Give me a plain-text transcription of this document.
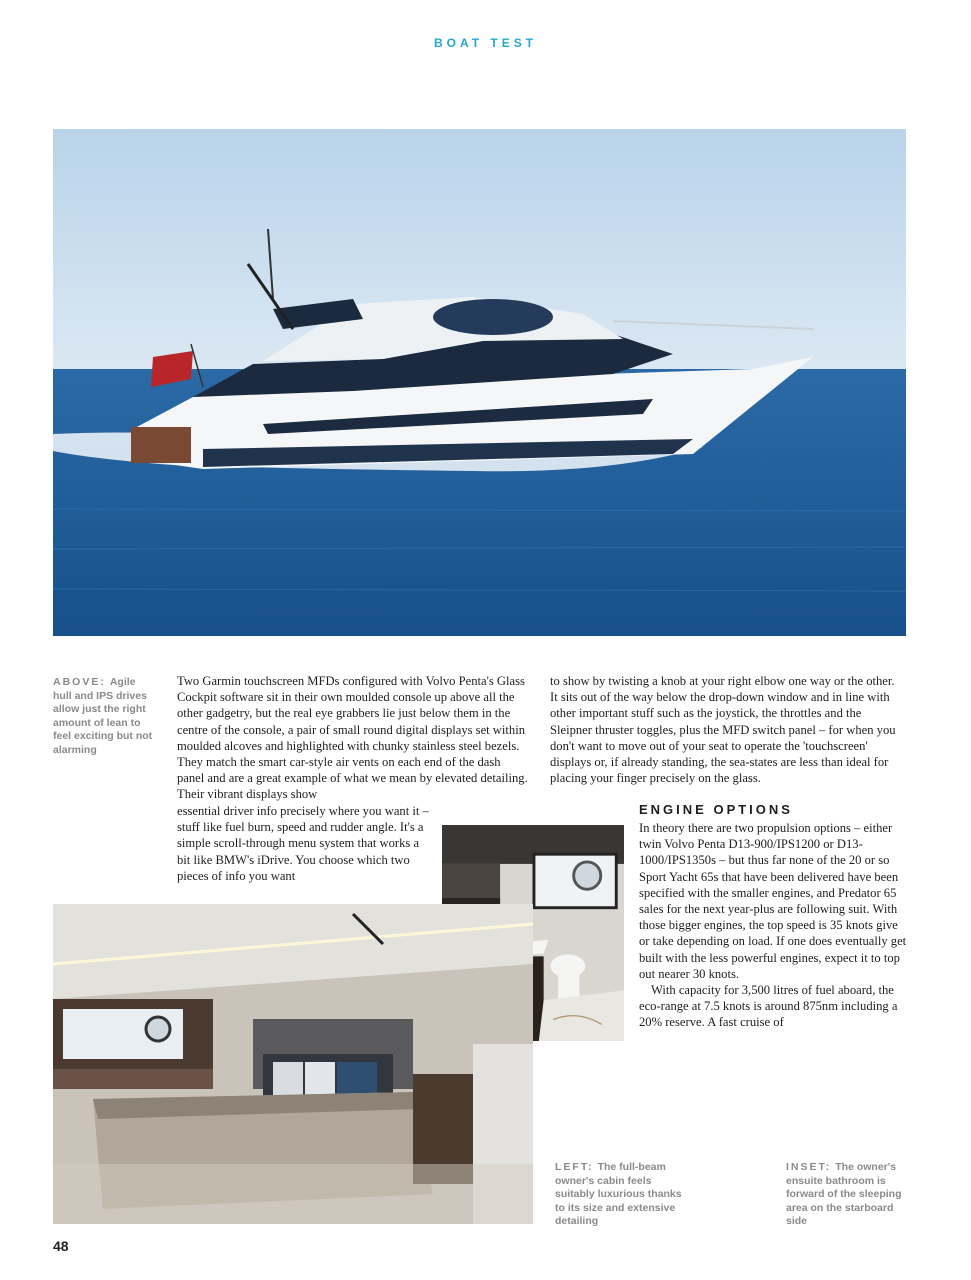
BOAT TEST
ABOVE: Agile hull and IPS drives allow just the right amount of lean to feel exciting but not alarming

Two Garmin touchscreen MFDs configured with Volvo Penta's Glass Cockpit software sit in their own moulded console up above all the other gadgetry, but the real eye grabbers lie just below them in the centre of the console, a pair of small round digital displays set within moulded alcoves and highlighted with chunky stainless steel bezels. They match the smart car-style air vents on each end of the dash panel and are a great example of what we mean by elevated detailing. Their vibrant displays show

essential driver info precisely where you want it – stuff like fuel burn, speed and rudder angle. It's a simple scroll-through menu system that works a bit like BMW's iDrive. You choose which two pieces of info you want

to show by twisting a knob at your right elbow one way or the other. It sits out of the way below the drop-down window and in line with other important stuff such as the joystick, the throttles and the Sleipner thruster toggles, plus the MFD switch panel – for when you don't want to move out of your seat to operate the 'touchscreen' displays or, if already standing, the sea-states are less than ideal for placing your finger precisely on the glass.

ENGINE OPTIONS

In theory there are two propulsion options – either twin Volvo Penta D13-900/IPS1200 or D13-1000/IPS1350s – but thus far none of the 20 or so Sport Yacht 65s that have been delivered have been specified with the smaller engines, and Predator 65 sales for the next year-plus are following suit. With those bigger engines, the top speed is 35 knots give or take depending on load. If one does eventually get built with the less powerful engines, expect it to top out nearer 30 knots.

With capacity for 3,500 litres of fuel aboard, the eco-range at 7.5 knots is around 875nm including a 20% reserve. A fast cruise of

LEFT: The full-beam owner's cabin feels suitably luxurious thanks to its size and extensive detailing
INSET: The owner's ensuite bathroom is forward of the sleeping area on the starboard side
48
